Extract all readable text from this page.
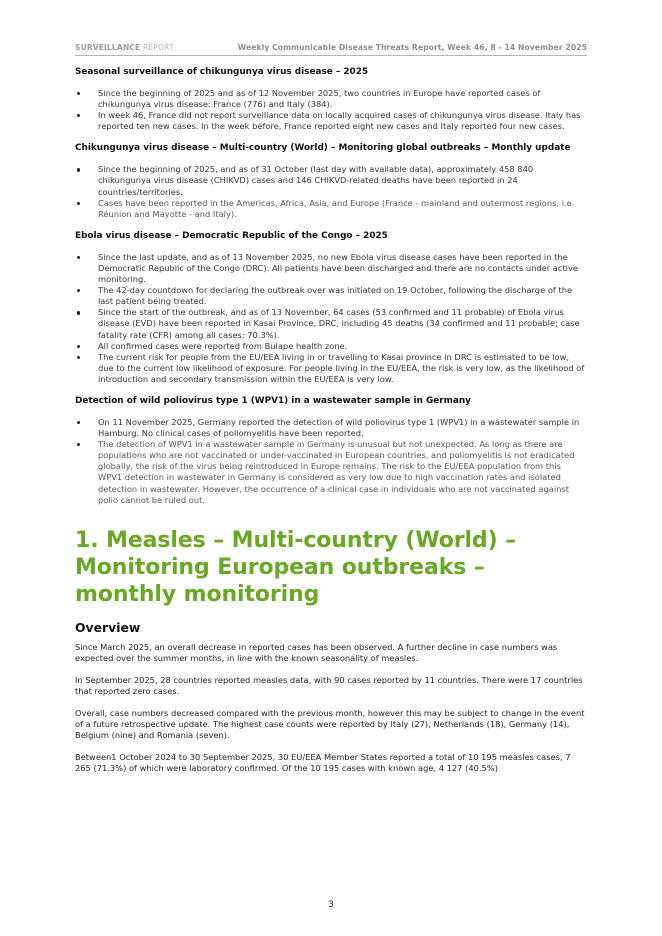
SURVEILLANCE REPORT	Weekly Communicable Disease Threats Report, Week 46, 8 - 14 November 2025
Seasonal surveillance of chikungunya virus disease – 2025
Since the beginning of 2025 and as of 12 November 2025, two countries in Europe have reported cases of chikungunya virus disease: France (776) and Italy (384).
In week 46, France did not report surveillance data on locally acquired cases of chikungunya virus disease. Italy has reported ten new cases. In the week before, France reported eight new cases and Italy reported four new cases.
Chikungunya virus disease – Multi-country (World) – Monitoring global outbreaks – Monthly update
Since the beginning of 2025, and as of 31 October (last day with available data), approximately 458 840 chikungunya virus disease (CHIKVD) cases and 146 CHIKVD-related deaths have been reported in 24 countries/territories.
Cases have been reported in the Americas, Africa, Asia, and Europe (France - mainland and outermost regions, i.e. Réunion and Mayotte - and Italy).
Ebola virus disease – Democratic Republic of the Congo – 2025
Since the last update, and as of 13 November 2025, no new Ebola virus disease cases have been reported in the Democratic Republic of the Congo (DRC). All patients have been discharged and there are no contacts under active monitoring.
The 42-day countdown for declaring the outbreak over was initiated on 19 October, following the discharge of the last patient being treated.
Since the start of the outbreak, and as of 13 November, 64 cases (53 confirmed and 11 probable) of Ebola virus disease (EVD) have been reported in Kasai Province, DRC, including 45 deaths (34 confirmed and 11 probable; case fatality rate (CFR) among all cases: 70.3%).
All confirmed cases were reported from Bulape health zone.
The current risk for people from the EU/EEA living in or travelling to Kasai province in DRC is estimated to be low, due to the current low likelihood of exposure. For people living in the EU/EEA, the risk is very low, as the likelihood of introduction and secondary transmission within the EU/EEA is very low.
Detection of wild poliovirus type 1 (WPV1) in a wastewater sample in Germany
On 11 November 2025, Germany reported the detection of wild poliovirus type 1 (WPV1) in a wastewater sample in Hamburg. No clinical cases of poliomyelitis have been reported.
The detection of WPV1 in a wastewater sample in Germany is unusual but not unexpected. As long as there are populations who are not vaccinated or under-vaccinated in European countries, and poliomyelitis is not eradicated globally, the risk of the virus being reintroduced in Europe remains. The risk to the EU/EEA population from this WPV1 detection in wastewater in Germany is considered as very low due to high vaccination rates and isolated detection in wastewater. However, the occurrence of a clinical case in individuals who are not vaccinated against polio cannot be ruled out.
1. Measles – Multi-country (World) – Monitoring European outbreaks – monthly monitoring
Overview

Since March 2025, an overall decrease in reported cases has been observed. A further decline in case numbers was expected over the summer months, in line with the known seasonality of measles.

In September 2025, 28 countries reported measles data, with 90 cases reported by 11 countries. There were 17 countries that reported zero cases.

Overall, case numbers decreased compared with the previous month, however this may be subject to change in the event of a future retrospective update. The highest case counts were reported by Italy (27), Netherlands (18), Germany (14), Belgium (nine) and Romania (seven).

Between1 October 2024 to 30 September 2025, 30 EU/EEA Member States reported a total of 10 195 measles cases, 7 265 (71.3%) of which were laboratory confirmed. Of the 10 195 cases with known age, 4 127 (40.5%)

3
